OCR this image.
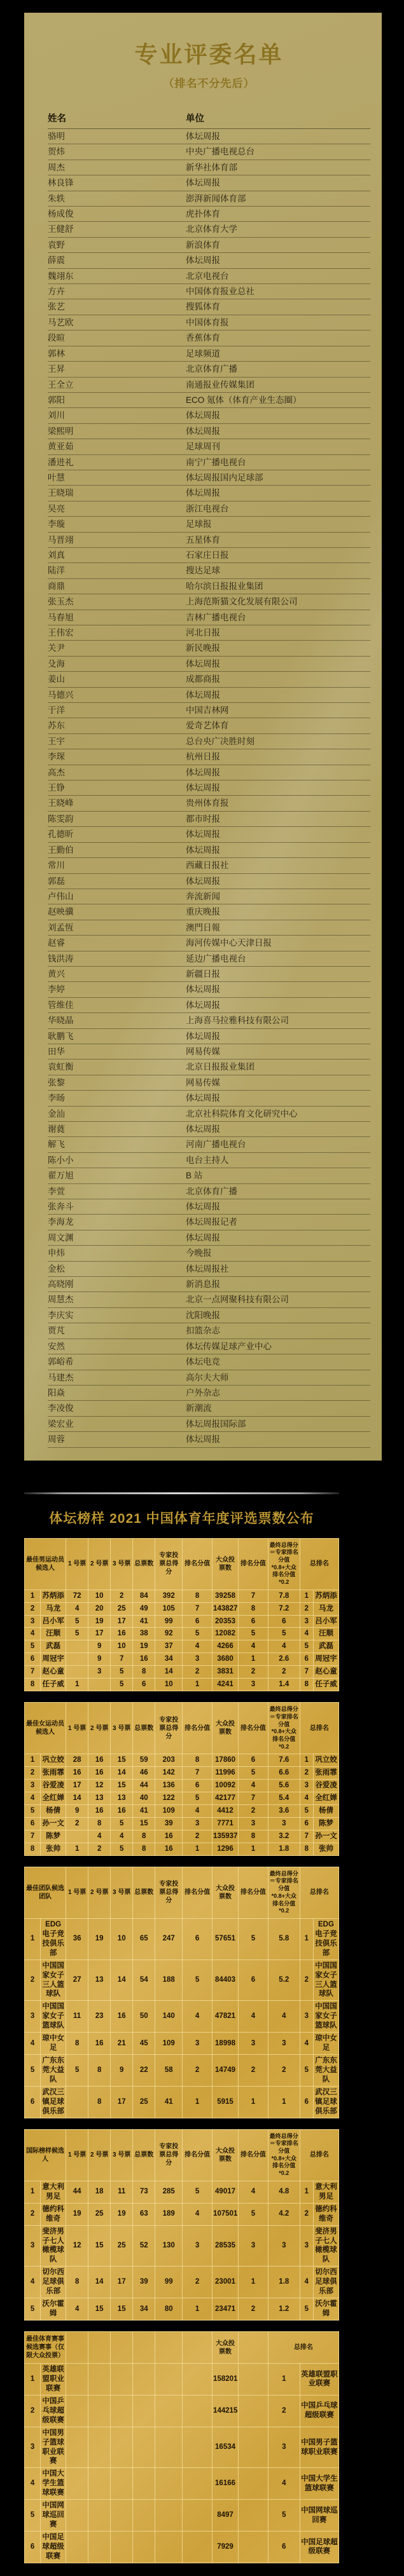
专业评委名单
（排名不分先后）
姓名	单位
骆明	体坛周报
贺炜	中央广播电视总台
周杰	新华社体育部
林良锋	体坛周报
朱轶	澎湃新闻体育部
杨成俊	虎扑体育
王健舒	北京体育大学
袁野	新浪体育
薛震	体坛周报
魏翊东	北京电视台
方卉	中国体育报业总社
张艺	搜狐体育
马艺欧	中国体育报
段暄	香蕉体育
郭林	足球频道
王昇	北京体育广播
王全立	南通报业传媒集团
郭阳	ECO 氪体（体育产业生态圈）
刘川	体坛周报
梁熙明	体坛周报
黄亚茹	足球周刊
潘进礼	南宁广播电视台
叶慧	体坛周报国内足球部
王晓瑞	体坛周报
吴亮	浙江电视台
李璇	足球报
马晋翊	五星体育
刘真	石家庄日报
陆洋	搜达足球
商鼎	哈尔滨日报报业集团
张玉杰	上海范斯猫文化发展有限公司
马春旭	吉林广播电视台
王伟宏	河北日报
关尹	新民晚报
殳海	体坛周报
姜山	成都商报
马德兴	体坛周报
于洋	中国吉林网
苏东	爱奇艺体育
王宇	总台央广决胜时刻
李琛	杭州日报
高杰	体坛周报
王铮	体坛周报
王晓峰	贵州体育报
陈雯韵	都市时报
孔德昕	体坛周报
王勤伯	体坛周报
常川	西藏日报社
郭磊	体坛周报
卢伟山	奔流新闻
赵映骥	重庆晚报
刘孟恆	澳門日報
赵睿	海河传媒中心天津日报
钱洪涛	延边广播电视台
黄兴	新疆日报
李婷	体坛周报
管维佳	体坛周报
华晓晶	上海喜马拉雅科技有限公司
耿鹏飞	体坛周报
田华	网易传媒
袁虹衡	北京日报报业集团
张黎	网易传媒
李旸	体坛周报
金汕	北京社科院体育文化研究中心
谢蕤	体坛周报
解飞	河南广播电视台
陈小小	电台主持人
翟万旭	B 站
李萱	北京体育广播
张奔斗	体坛周报
李海龙	体坛周报记者
周文渊	体坛周报
申炜	今晚报
金松	体坛周报社
高晓刚	新消息报
周慧杰	北京一点网聚科技有限公司
李庆实	沈阳晚报
贾芃	扣篮杂志
安然	体坛传媒足球产业中心
郭峪希	体坛电竞
马建杰	高尔夫大师
阳焱	户外杂志
李凌俊	新潮流
梁宏业	体坛周报国际部
周蓉	体坛周报
体坛榜样 2021 中国体育年度评选票数公布
最佳男运动员候选人		1 号票	2 号票	3 号票	总票数	专家投票总得分	排名分值	大众投票数	排名分值	最终总得分＝专家排名分值*0.8+大众排名分值*0.2	总排名	
1	苏炳添	72	10	2	84	392	8	39258	7	7.8	1	苏炳添
2	马龙	4	20	25	49	105	7	143827	8	7.2	2	马龙
3	吕小军	5	19	17	41	99	6	20353	6	6	3	吕小军
4	汪顺	5	17	16	38	92	5	12082	5	5	4	汪顺
5	武磊		9	10	19	37	4	4266	4	4	5	武磊
6	周冠宇		9	7	16	34	3	3680	1	2.6	6	周冠宇
7	赵心童		3	5	8	14	2	3831	2	2	7	赵心童
8	任子威	1		5	6	10	1	4241	3	1.4	8	任子威
最佳女运动员候选人		1 号票	2 号票	3 号票	总票数	专家投票总得分	排名分值	大众投票数	排名分值	最终总得分＝专家排名分值*0.8+大众排名分值*0.2	总排名	
1	巩立姣	28	16	15	59	203	8	17860	6	7.6	1	巩立姣
2	张雨霏	16	16	14	46	142	7	11996	5	6.6	2	张雨霏
3	谷爱凌	17	12	15	44	136	6	10092	4	5.6	3	谷爱凌
4	全红婵	14	13	13	40	122	5	42177	7	5.4	4	全红婵
5	杨倩	9	16	16	41	109	4	4412	2	3.6	5	杨倩
6	孙一文	2	8	5	15	39	3	7771	3	3	6	陈梦
7	陈梦		4	4	8	16	2	135937	8	3.2	7	孙一文
8	张帅	1	2	5	8	16	1	1296	1	1.8	8	张帅
最佳团队候选团队		1 号票	2 号票	3 号票	总票数	专家投票总得分	排名分值	大众投票数	排名分值	最终总得分＝专家排名分值*0.8+大众排名分值*0.2	总排名	
1	EDG 电子竞技俱乐部	36	19	10	65	247	6	57651	5	5.8	1	EDG 电子竞技俱乐部
2	中国国家女子三人篮球队	27	13	14	54	188	5	84403	6	5.2	2	中国国家女子三人篮球队
3	中国国家女子篮球队	11	23	16	50	140	4	47821	4	4	3	中国国家女子篮球队
4	琼中女足	8	16	21	45	109	3	18998	3	3	4	琼中女足
5	广东东莞大益队	5	8	9	22	58	2	14749	2	2	5	广东东莞大益队
6	武汉三镇足球俱乐部		8	17	25	41	1	5915	1	1	6	武汉三镇足球俱乐部
国际榜样候选人		1 号票	2 号票	3 号票	总票数	专家投票总得分	排名分值	大众投票数	排名分值	最终总得分＝专家排名分值*0.8+大众排名分值*0.2	总排名	
1	意大利男足	44	18	11	73	285	5	49017	4	4.8	1	意大利男足
2	德约科维奇	19	25	19	63	189	4	107501	5	4.2	2	德约科维奇
3	斐济男子七人橄榄球队	12	15	25	52	130	3	28535	3	3	3	斐济男子七人橄榄球队
4	切尔西足球俱乐部	8	14	17	39	99	2	23001	1	1.8	4	切尔西足球俱乐部
5	沃尔霍姆	4	15	15	34	80	1	23471	2	1.2	5	沃尔霍姆
最佳体育赛事候选赛事（仅限大众投票）								大众投票数		总排名	
1	英雄联盟职业联赛							158201		1	英雄联盟职业联赛
2	中国乒乓球超级联赛							144215		2	中国乒乓球超级联赛
3	中国男子篮球职业联赛							16534		3	中国男子篮球职业联赛
4	中国大学生篮球联赛							16166		4	中国大学生篮球联赛
5	中国网球巡回赛							8497		5	中国网球巡回赛
6	中国足球超级联赛							7929		6	中国足球超级联赛
